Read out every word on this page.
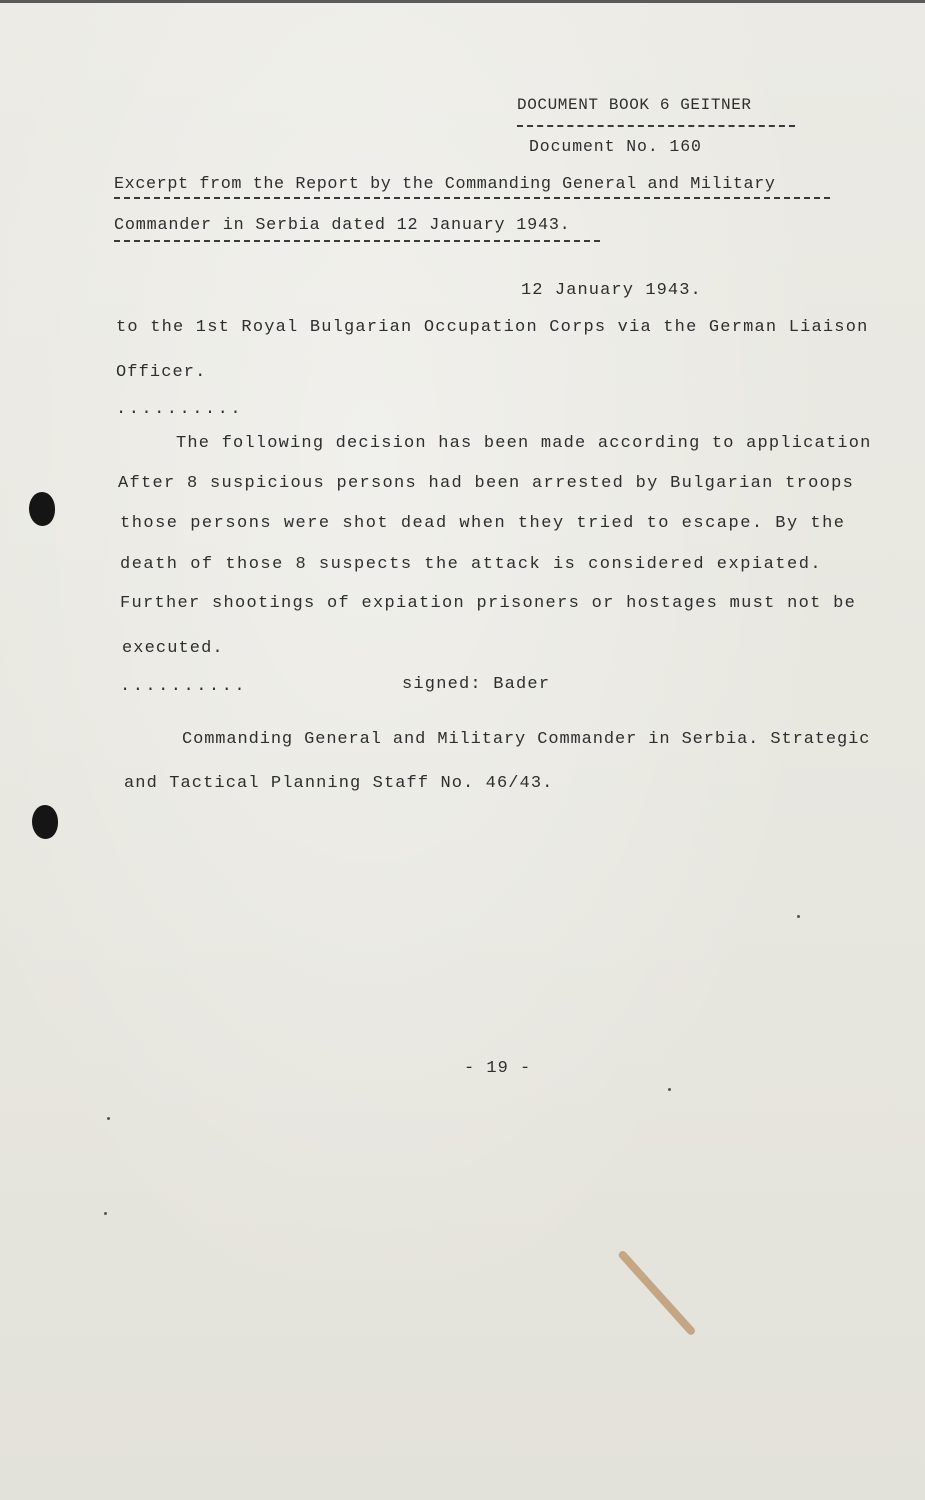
DOCUMENT BOOK 6 GEITNER
Document No. 160
Excerpt from the Report by the Commanding General and Military
Commander in Serbia dated 12 January 1943.
12 January 1943.
to the 1st Royal Bulgarian Occupation Corps via the German Liaison
Officer.
..........
The following decision has been made according to application
After 8 suspicious persons had been arrested by Bulgarian troops
those persons were shot dead when they tried to escape. By the
death of those 8 suspects the attack is considered expiated.
Further shootings of expiation prisoners or hostages must not be
executed.
..........	signed: Bader
Commanding General and Military Commander in Serbia. Strategic
and Tactical Planning Staff No. 46/43.
- 19 -
